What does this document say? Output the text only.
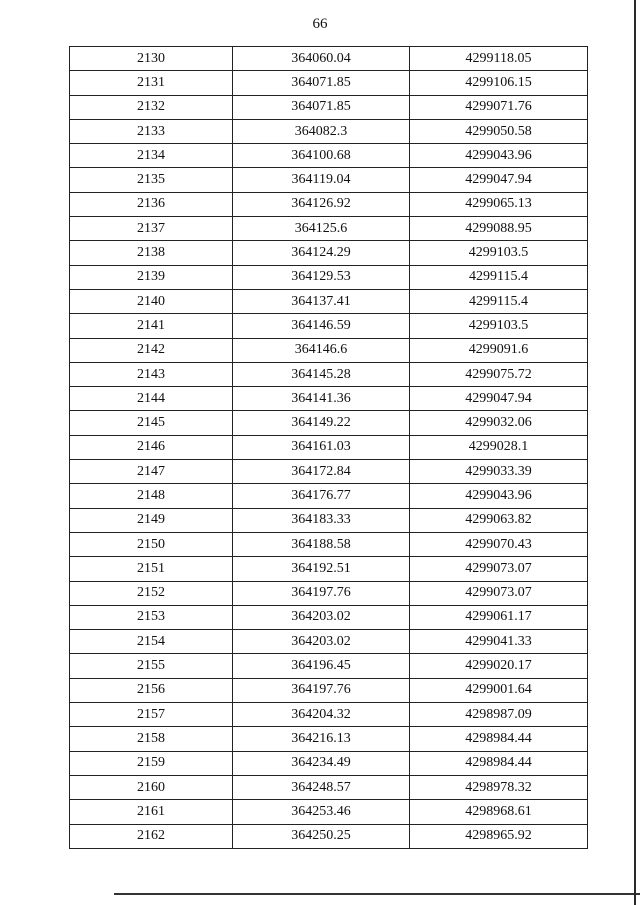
66
2130	364060.04	4299118.05
2131	364071.85	4299106.15
2132	364071.85	4299071.76
2133	364082.3	4299050.58
2134	364100.68	4299043.96
2135	364119.04	4299047.94
2136	364126.92	4299065.13
2137	364125.6	4299088.95
2138	364124.29	4299103.5
2139	364129.53	4299115.4
2140	364137.41	4299115.4
2141	364146.59	4299103.5
2142	364146.6	4299091.6
2143	364145.28	4299075.72
2144	364141.36	4299047.94
2145	364149.22	4299032.06
2146	364161.03	4299028.1
2147	364172.84	4299033.39
2148	364176.77	4299043.96
2149	364183.33	4299063.82
2150	364188.58	4299070.43
2151	364192.51	4299073.07
2152	364197.76	4299073.07
2153	364203.02	4299061.17
2154	364203.02	4299041.33
2155	364196.45	4299020.17
2156	364197.76	4299001.64
2157	364204.32	4298987.09
2158	364216.13	4298984.44
2159	364234.49	4298984.44
2160	364248.57	4298978.32
2161	364253.46	4298968.61
2162	364250.25	4298965.92
